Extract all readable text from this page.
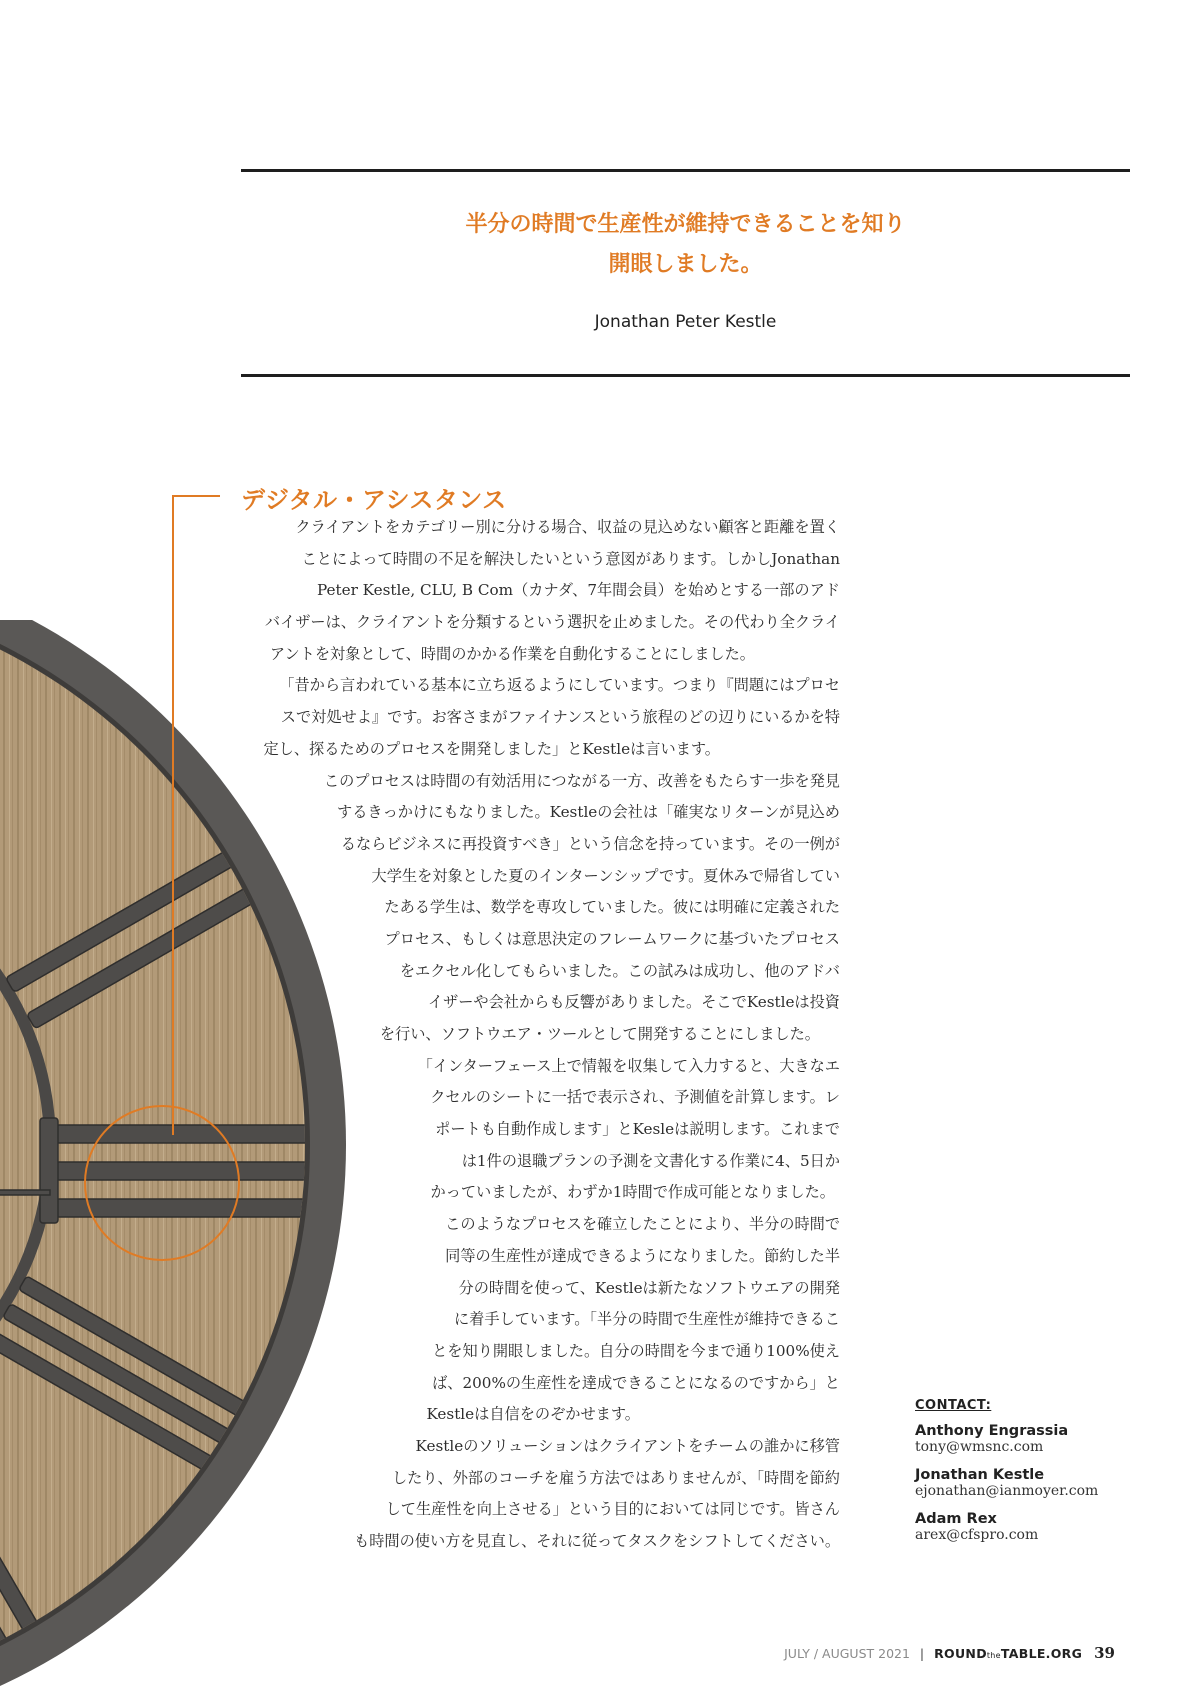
半分の時間で生産性が維持できることを知り
開眼しました。
Jonathan Peter Kestle
デジタル・アシスタンス
クライアントをカテゴリー別に分ける場合、収益の見込めない顧客と距離を置く
ことによって時間の不足を解決したいという意図があります。しかしJonathan
Peter Kestle, CLU, B Com（カナダ、7年間会員）を始めとする一部のアド
バイザーは、クライアントを分類するという選択を止めました。その代わり全クライ
アントを対象として、時間のかかる作業を自動化することにしました。
「昔から言われている基本に立ち返るようにしています。つまり『問題にはプロセ
スで対処せよ』です。お客さまがファイナンスという旅程のどの辺りにいるかを特
定し、探るためのプロセスを開発しました」とKestleは言います。
このプロセスは時間の有効活用につながる一方、改善をもたらす一歩を発見
するきっかけにもなりました。Kestleの会社は「確実なリターンが見込め
るならビジネスに再投資すべき」という信念を持っています。その一例が
大学生を対象とした夏のインターンシップです。夏休みで帰省してい
たある学生は、数学を専攻していました。彼には明確に定義された
プロセス、もしくは意思決定のフレームワークに基づいたプロセス
をエクセル化してもらいました。この試みは成功し、他のアドバ
イザーや会社からも反響がありました。そこでKestleは投資
を行い、ソフトウエア・ツールとして開発することにしました。
「インターフェース上で情報を収集して入力すると、大きなエ
クセルのシートに一括で表示され、予測値を計算します。レ
ポートも自動作成します」とKesleは説明します。これまで
は1件の退職プランの予測を文書化する作業に4、5日か
かっていましたが、わずか1時間で作成可能となりました。
このようなプロセスを確立したことにより、半分の時間で
同等の生産性が達成できるようになりました。節約した半
分の時間を使って、Kestleは新たなソフトウエアの開発
に着手しています。「半分の時間で生産性が維持できるこ
とを知り開眼しました。自分の時間を今まで通り100%使え
ば、200%の生産性を達成できることになるのですから」と
Kestleは自信をのぞかせます。
Kestleのソリューションはクライアントをチームの誰かに移管
したり、外部のコーチを雇う方法ではありませんが、「時間を節約
して生産性を向上させる」という目的においては同じです。皆さん
も時間の使い方を見直し、それに従ってタスクをシフトしてください。
CONTACT:
Anthony Engrassia
tony@wmsnc.com
Jonathan Kestle
ejonathan@ianmoyer.com
Adam Rex
arex@cfspro.com
JULY / AUGUST 2021 | ROUNDtheTABLE.ORG 39
